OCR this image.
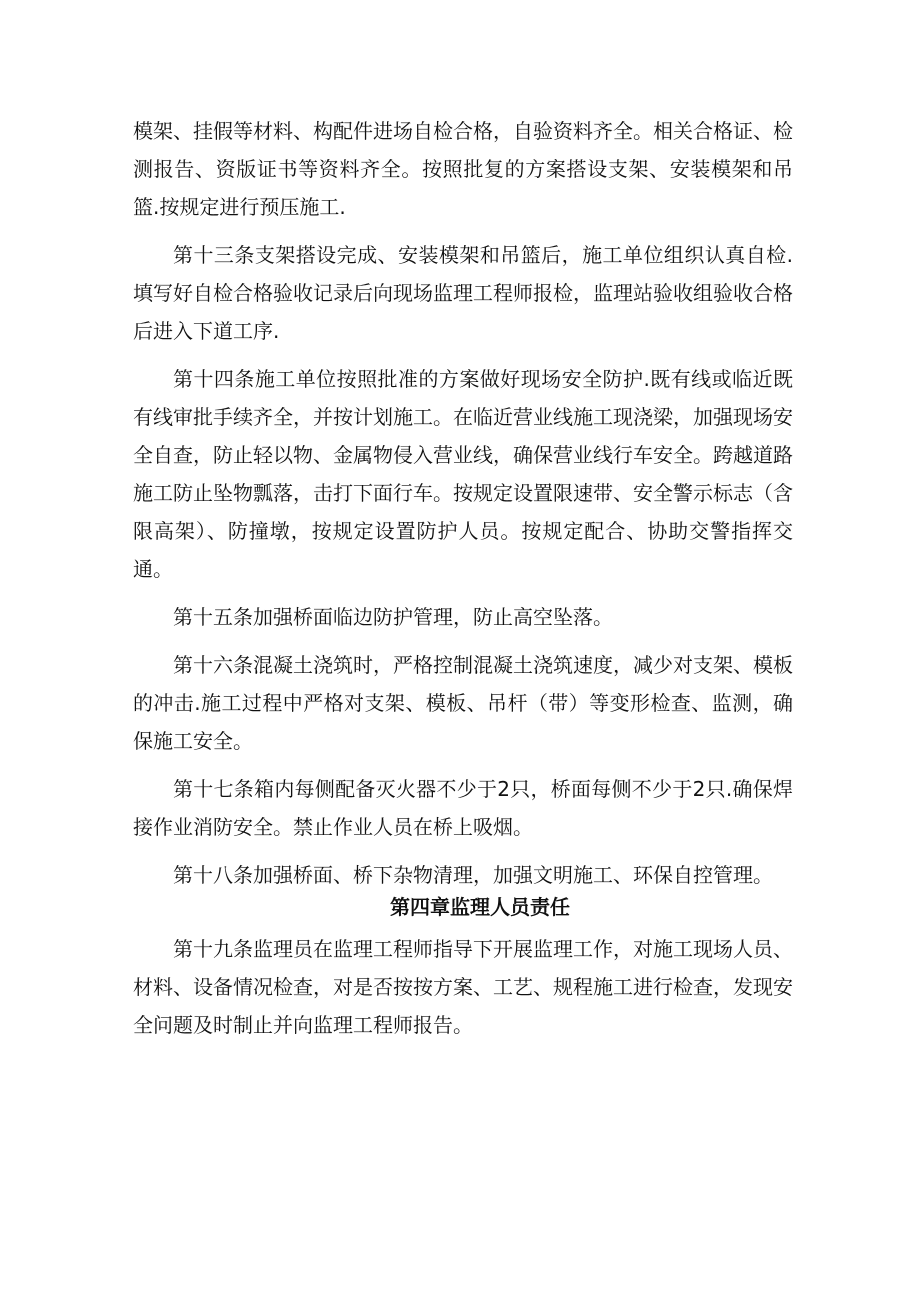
模架、挂假等材料、构配件进场自检合格，自验资料齐全。相关合格证、检测报告、资版证书等资料齐全。按照批复的方案搭设支架、安装模架和吊篮.按规定进行预压施工.

第十三条支架搭设完成、安装模架和吊篮后，施工单位组织认真自检.填写好自检合格验收记录后向现场监理工程师报检，监理站验收组验收合格后进入下道工序.

第十四条施工单位按照批准的方案做好现场安全防护.既有线或临近既有线审批手续齐全，并按计划施工。在临近营业线施工现浇梁，加强现场安全自查，防止轻以物、金属物侵入营业线，确保营业线行车安全。跨越道路施工防止坠物瓢落，击打下面行车。按规定设置限速带、安全警示标志（含限高架）、防撞墩，按规定设置防护人员。按规定配合、协助交警指挥交通。

第十五条加强桥面临边防护管理，防止高空坠落。

第十六条混凝土浇筑时，严格控制混凝土浇筑速度，减少对支架、模板的冲击.施工过程中严格对支架、模板、吊杆（带）等变形检查、监测，确保施工安全。

第十七条箱内每侧配备灭火器不少于2只，桥面每侧不少于2只.确保焊接作业消防安全。禁止作业人员在桥上吸烟。

第十八条加强桥面、桥下杂物清理，加强文明施工、环保自控管理。

第四章监理人员责任

第十九条监理员在监理工程师指导下开展监理工作，对施工现场人员、材料、设备情况检查，对是否按按方案、工艺、规程施工进行检查，发现安全问题及时制止并向监理工程师报告。
